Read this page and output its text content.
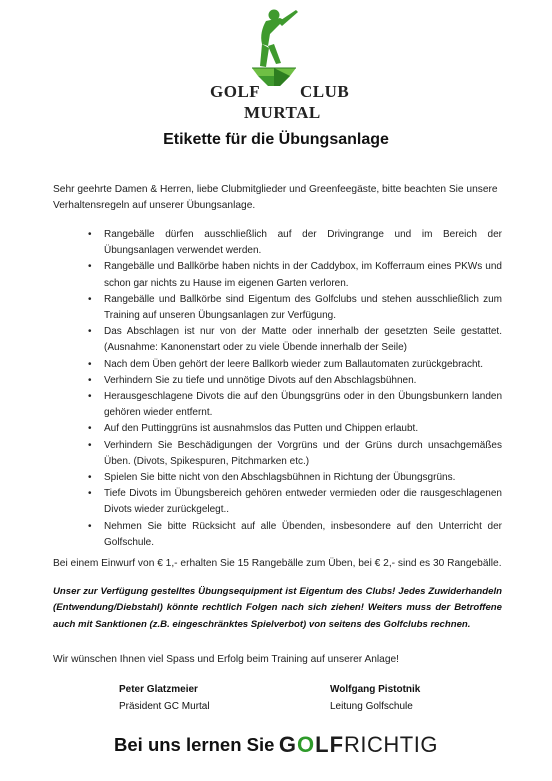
GOLF CLUB
MURTAL
Etikette für die Übungsanlage
Sehr geehrte Damen & Herren, liebe Clubmitglieder und Greenfeegäste, bitte beachten Sie unsere Verhaltensregeln auf unserer Übungsanlage.
• Rangebälle dürfen ausschließlich auf der Drivingrange und im Bereich der Übungsanlagen verwendet werden.
• Rangebälle und Ballkörbe haben nichts in der Caddybox, im Kofferraum eines PKWs und schon gar nichts zu Hause im eigenen Garten verloren.
• Rangebälle und Ballkörbe sind Eigentum des Golfclubs und stehen ausschließlich zum Training auf unseren Übungsanlagen zur Verfügung.
• Das Abschlagen ist nur von der Matte oder innerhalb der gesetzten Seile gestattet. (Ausnahme: Kanonenstart oder zu viele Übende innerhalb der Seile)
• Nach dem Üben gehört der leere Ballkorb wieder zum Ballautomaten zurückgebracht.
• Verhindern Sie zu tiefe und unnötige Divots auf den Abschlagsbühnen.
• Herausgeschlagene Divots die auf den Übungsgrüns oder in den Übungsbunkern landen gehören wieder entfernt.
• Auf den Puttinggrüns ist ausnahmslos das Putten und Chippen erlaubt.
• Verhindern Sie Beschädigungen der Vorgrüns und der Grüns durch unsachgemäßes Üben. (Divots, Spikespuren, Pitchmarken etc.)
• Spielen Sie bitte nicht von den Abschlagsbühnen in Richtung der Übungsgrüns.
• Tiefe Divots im Übungsbereich gehören entweder vermieden oder die rausgeschlagenen Divots wieder zurückgelegt..
• Nehmen Sie bitte Rücksicht auf alle Übenden, insbesondere auf den Unterricht der Golfschule.
Bei einem Einwurf von € 1,- erhalten Sie 15 Rangebälle zum Üben, bei € 2,- sind es 30 Rangebälle.
Unser zur Verfügung gestelltes Übungsequipment ist Eigentum des Clubs! Jedes Zuwiderhandeln (Entwendung/Diebstahl) könnte rechtlich Folgen nach sich ziehen! Weiters muss der Betroffene auch mit Sanktionen (z.B. eingeschränktes Spielverbot) von seitens des Golfclubs rechnen.
Wir wünschen Ihnen viel Spass und Erfolg beim Training auf unserer Anlage!
Peter Glatzmeier
Präsident GC Murtal
Wolfgang Pistotnik
Leitung Golfschule
Bei uns lernen Sie GOLFRICHTIG
